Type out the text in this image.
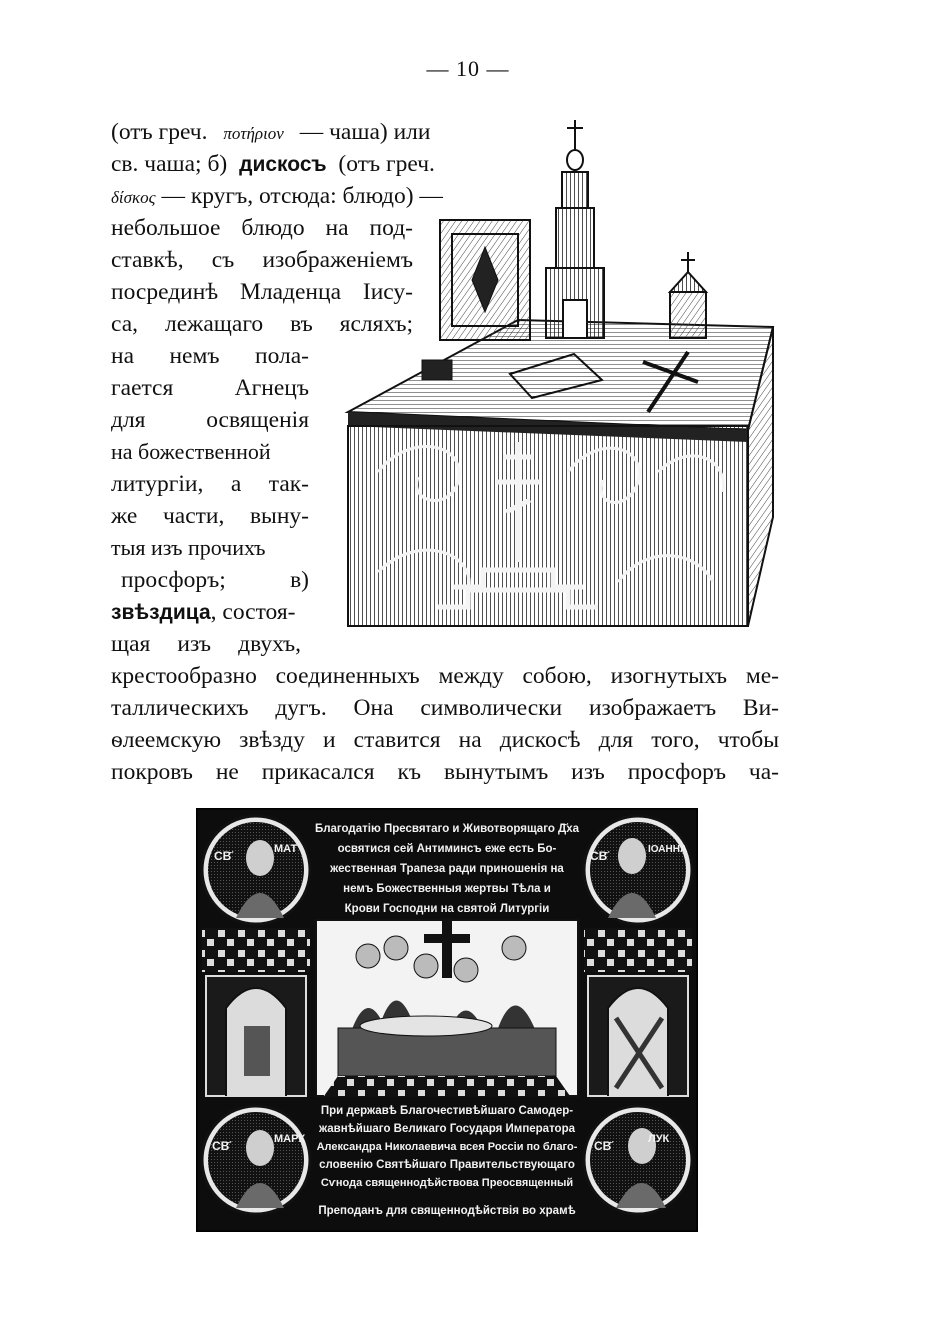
— 10 —
(отъ греч. ποτήριον — чаша) или
св. чаша; б) дискосъ (отъ греч.
δίσκος — кругъ, отсюда: блюдо) —
небольшое блюдо на под-
ставкѣ, съ изображеніемъ
посрединѣ Младенца Іису-
са, лежащаго въ ясляхъ;
на немъ пола-
гается Агнецъ
для освященія
на божественной
литургіи, а так-
же части, выну-
тыя изъ прочихъ
просфоръ; в)
звѣздица, состоя-
щая изъ двухъ,
крестообразно соединенныхъ между собою, изогнутыхъ ме-
таллическихъ дугъ. Она символически изображаетъ Ви-
ѳлеемскую звѣзду и ставится на дискосѣ для того, чтобы
покровъ не прикасался къ вынутымъ изъ просфоръ ча-
СВ҃	МАТ	СВ҃	ІОАННА
СВ҃	МАРК	СВ҃	ЛУК
Благодатію Пресвятаго и Животворящаго Д҃ха
освятися сей Антиминсъ еже есть Бо-
жественная Трапеза ради приношенія на
немъ Божественныя жертвы Тѣла и
Крови Господни на святой Литургіи
При державѣ Благочестивѣйшаго Самодер-
жавнѣйшаго Великаго Государя Императора
Александра Николаевича всея Россіи по благо-
словенію Святѣйшаго Правительствующаго
Сѵнода священнодѣйствова Преосвященный
Преподанъ для священнодѣйствія во храмѣ
